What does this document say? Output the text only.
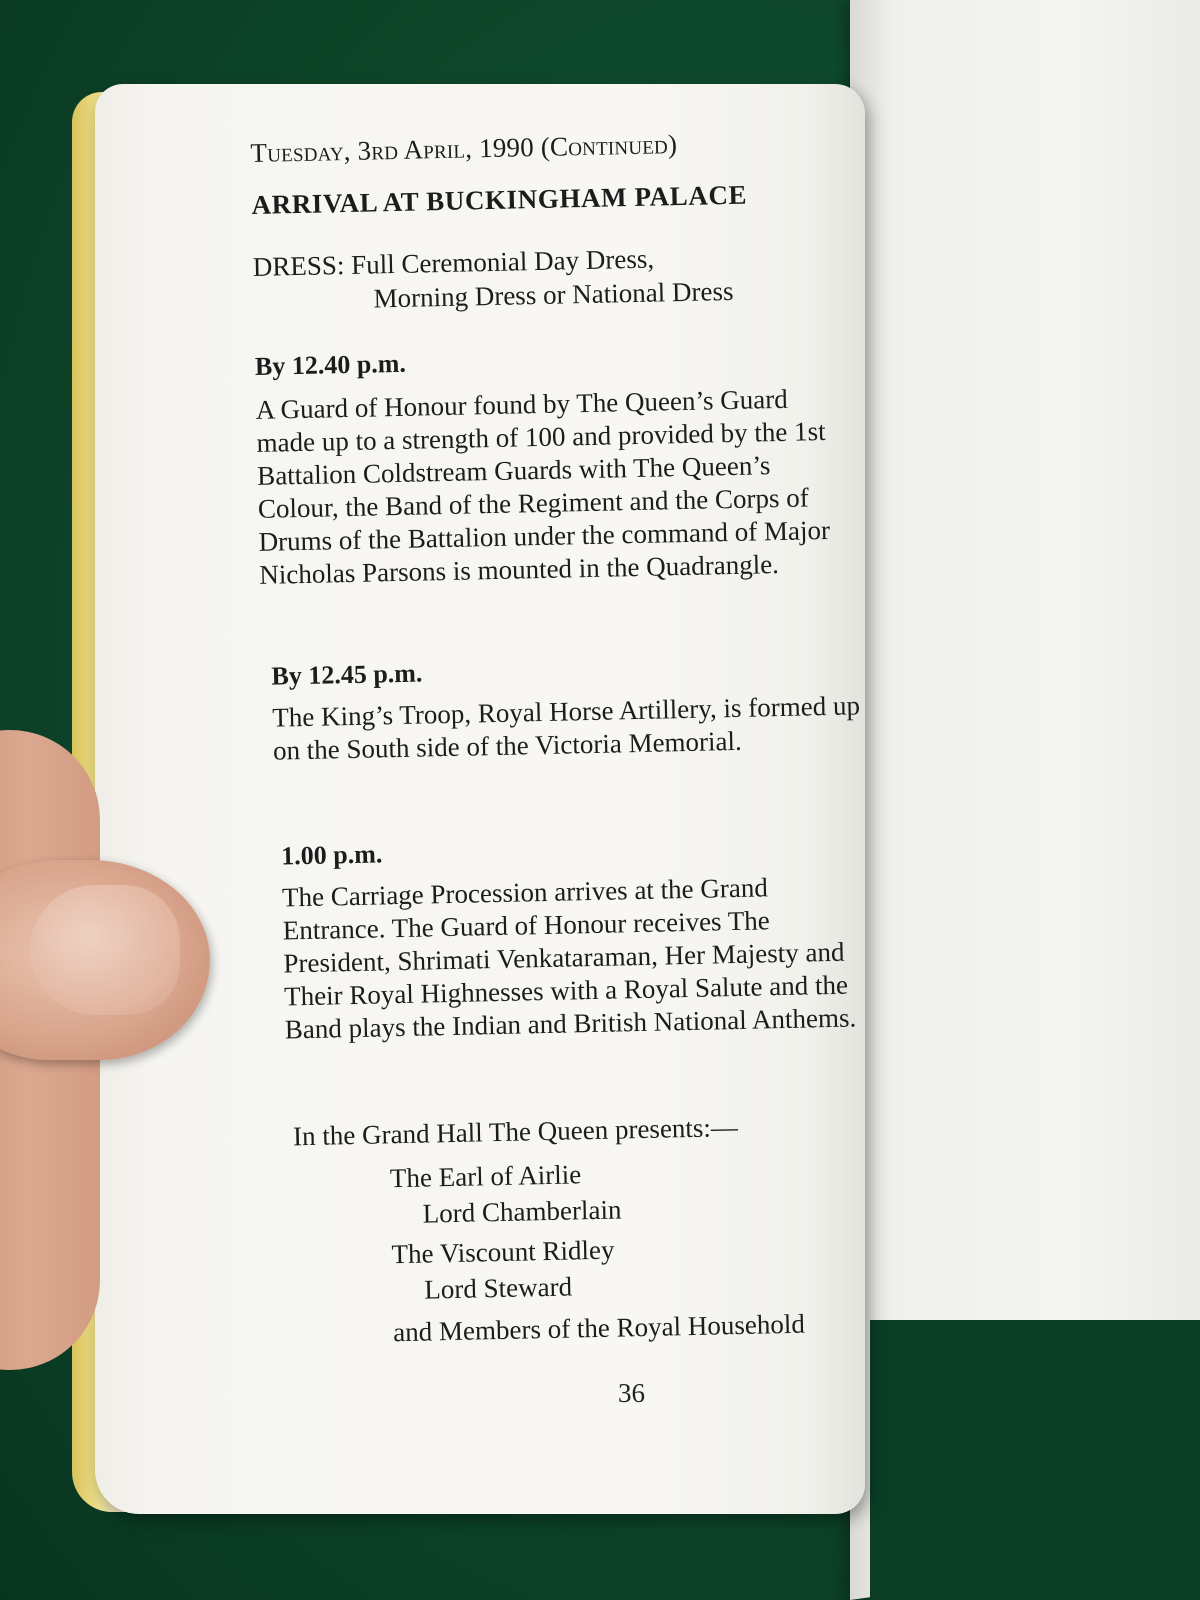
Tuesday, 3rd April, 1990 (Continued)
ARRIVAL AT BUCKINGHAM PALACE
DRESS: Full Ceremonial Day Dress,
Morning Dress or National Dress
By 12.40 p.m.
A Guard of Honour found by The Queen’s Guard made up to a strength of 100 and provided by the 1st Battalion Coldstream Guards with The Queen’s Colour, the Band of the Regiment and the Corps of Drums of the Battalion under the command of Major Nicholas Parsons is mounted in the Quadrangle.
By 12.45 p.m.
The King’s Troop, Royal Horse Artillery, is formed up on the South side of the Victoria Memorial.
1.00 p.m.
The Carriage Procession arrives at the Grand Entrance. The Guard of Honour receives The President, Shrimati Venkataraman, Her Majesty and Their Royal Highnesses with a Royal Salute and the Band plays the Indian and British National Anthems.
In the Grand Hall The Queen presents:—
The Earl of Airlie
Lord Chamberlain
The Viscount Ridley
Lord Steward
and Members of the Royal Household
36
